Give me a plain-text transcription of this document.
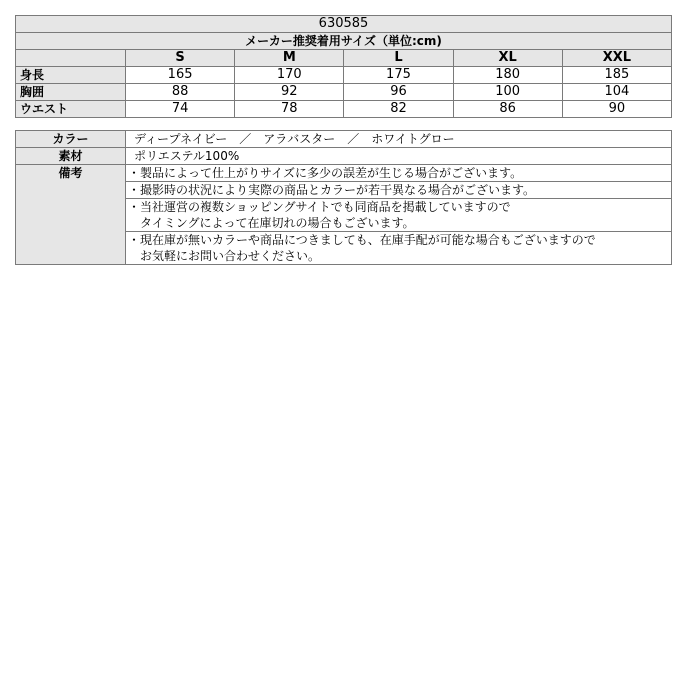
630585					
メーカー推奨着用サイズ（単位:cm)					
	S	M	L	XL	XXL
身長	165	170	175	180	185
胸囲	88	92	96	100	104
ウエスト	74	78	82	86	90
カラー	ディープネイビー　／　アラバスター　／　ホワイトグロー
素材	ポリエステル100%
備考	・製品によって仕上がりサイズに多少の誤差が生じる場合がございます。

	・撮影時の状況により実際の商品とカラーが若干異なる場合がございます。

	・当社運営の複数ショッピングサイトでも同商品を掲載していますので
　タイミングによって在庫切れの場合もございます。

	・現在庫が無いカラーや商品につきましても、在庫手配が可能な場合もございますので
　お気軽にお問い合わせください。
